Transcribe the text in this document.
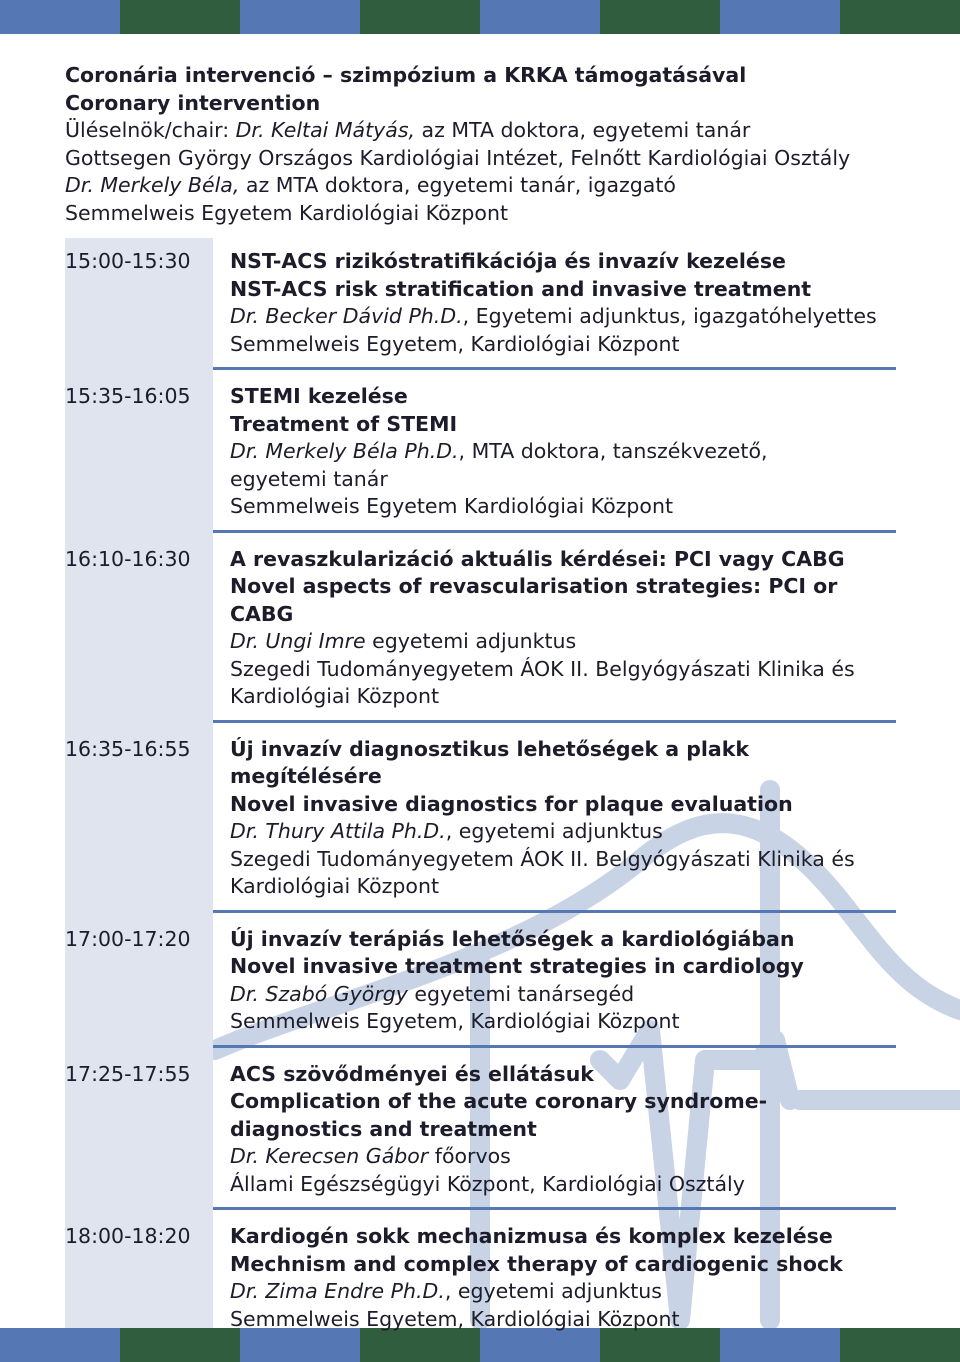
Coronária intervenció – szimpózium a KRKA támogatásával
Coronary intervention
Üléselnök/chair: Dr. Keltai Mátyás, az MTA doktora, egyetemi tanár
Gottsegen György Országos Kardiológiai Intézet, Felnőtt Kardiológiai Osztály
Dr. Merkely Béla, az MTA doktora, egyetemi tanár, igazgató
Semmelweis Egyetem Kardiológiai Központ
15:00-15:30	NST-ACS rizikóstratifikációja és invazív kezelése
NST-ACS risk stratification and invasive treatment
Dr. Becker Dávid Ph.D., Egyetemi adjunktus, igazgatóhelyettes
Semmelweis Egyetem, Kardiológiai Központ
15:35-16:05	STEMI kezelése
Treatment of STEMI
Dr. Merkely Béla Ph.D., MTA doktora, tanszékvezető, egyetemi tanár
Semmelweis Egyetem Kardiológiai Központ
16:10-16:30	A revaszkularizáció aktuális kérdései: PCI vagy CABG
Novel aspects of revascularisation strategies: PCI or CABG
Dr. Ungi Imre egyetemi adjunktus
Szegedi Tudományegyetem ÁOK II. Belgyógyászati Klinika és Kardiológiai Központ
16:35-16:55	Új invazív diagnosztikus lehetőségek a plakk megítélésére
Novel invasive diagnostics for plaque evaluation
Dr. Thury Attila Ph.D., egyetemi adjunktus
Szegedi Tudományegyetem ÁOK II. Belgyógyászati Klinika és Kardiológiai Központ
17:00-17:20	Új invazív terápiás lehetőségek a kardiológiában
Novel invasive treatment strategies in cardiology
Dr. Szabó György egyetemi tanársegéd
Semmelweis Egyetem, Kardiológiai Központ
17:25-17:55	ACS szövődményei és ellátásuk
Complication of the acute coronary syndrome- diagnostics and treatment
Dr. Kerecsen Gábor főorvos
Állami Egészségügyi Központ, Kardiológiai Osztály
18:00-18:20	Kardiogén sokk mechanizmusa és komplex kezelése
Mechnism and complex therapy of cardiogenic shock
Dr. Zima Endre Ph.D., egyetemi adjunktus
Semmelweis Egyetem, Kardiológiai Központ
